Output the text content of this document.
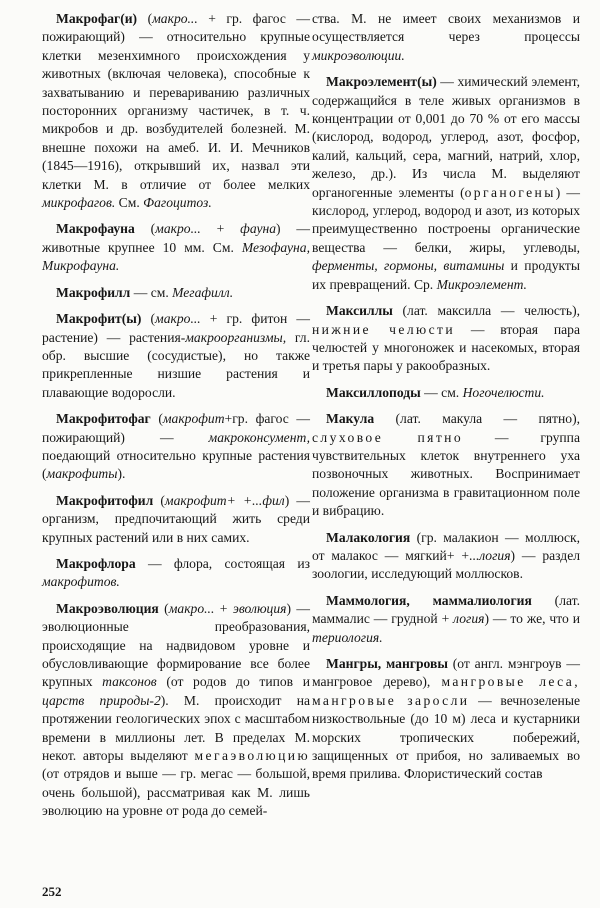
Макрофаг(и) (макро... + гр. фагос — пожирающий) — относительно крупные клетки мезенхимного происхождения у животных (включая человека), способные к захватыванию и перевариванию различных посторонних организму частичек, в т. ч. микробов и др. возбудителей болезней. М. внешне похожи на амеб. И. И. Мечников (1845—1916), открывший их, назвал эти клетки М. в отличие от более мелких микрофагов. См. Фагоцитоз.

Макрофауна (макро... + фауна) — животные крупнее 10 мм. См. Мезофауна, Микрофауна.

Макрофилл — см. Мегафилл.

Макрофит(ы) (макро... + гр. фитон — растение) — растения-макроорганизмы, гл. обр. высшие (сосудистые), но также прикрепленные низшие растения и плавающие водоросли.

Макрофитофаг (макрофит+гр. фагос — пожирающий) — макроконсумент, поедающий относительно крупные растения (макрофиты).

Макрофитофил (макрофит+ +...фил) — организм, предпочитающий жить среди крупных растений или в них самих.

Макрофлора — флора, состоящая из макрофитов.

Макроэволюция (макро... + эволюция) — эволюционные преобразования, происходящие на надвидовом уровне и обусловливающие формирование все более крупных таксонов (от родов до типов и царств природы-2). М. происходит на протяжении геологических эпох с масштабом времени в миллионы лет. В пределах М. некот. авторы выделяют мегаэволюцию (от отрядов и выше — гр. мегас — большой, очень большой), рассматривая как М. лишь эволюцию на уровне от рода до семей-

ства. М. не имеет своих механизмов и осуществляется через процессы микроэволюции.

Макроэлемент(ы) — химический элемент, содержащийся в теле живых организмов в концентрации от 0,001 до 70 % от его массы (кислород, водород, углерод, азот, фосфор, калий, кальций, сера, магний, натрий, хлор, железо, др.). Из числа М. выделяют органогенные элементы (органогены) — кислород, углерод, водород и азот, из которых преимущественно построены органические вещества — белки, жиры, углеводы, ферменты, гормоны, витамины и продукты их превращений. Ср. Микроэлемент.

Максиллы (лат. максилла — челюсть), нижние челюсти — вторая пара челюстей у многоножек и насекомых, вторая и третья пары у ракообразных.

Максиллоподы — см. Ногочелюсти.

Макула (лат. макула — пятно), слуховое пятно — группа чувствительных клеток внутреннего уха позвоночных животных. Воспринимает положение организма в гравитационном поле и вибрацию.

Малакология (гр. малакион — моллюск, от малакос — мягкий+ +...логия) — раздел зоологии, исследующий моллюсков.

Маммология, маммалиология (лат. маммалис — грудной + логия) — то же, что и териология.

Мангры, мангровы (от англ. мэнгроув — мангровое дерево), мангровые леса, мангровые заросли — вечнозеленые низкоствольные (до 10 м) леса и кустарники морских тропических побережий, защищенных от прибоя, но заливаемых во время прилива. Флористический состав

252
